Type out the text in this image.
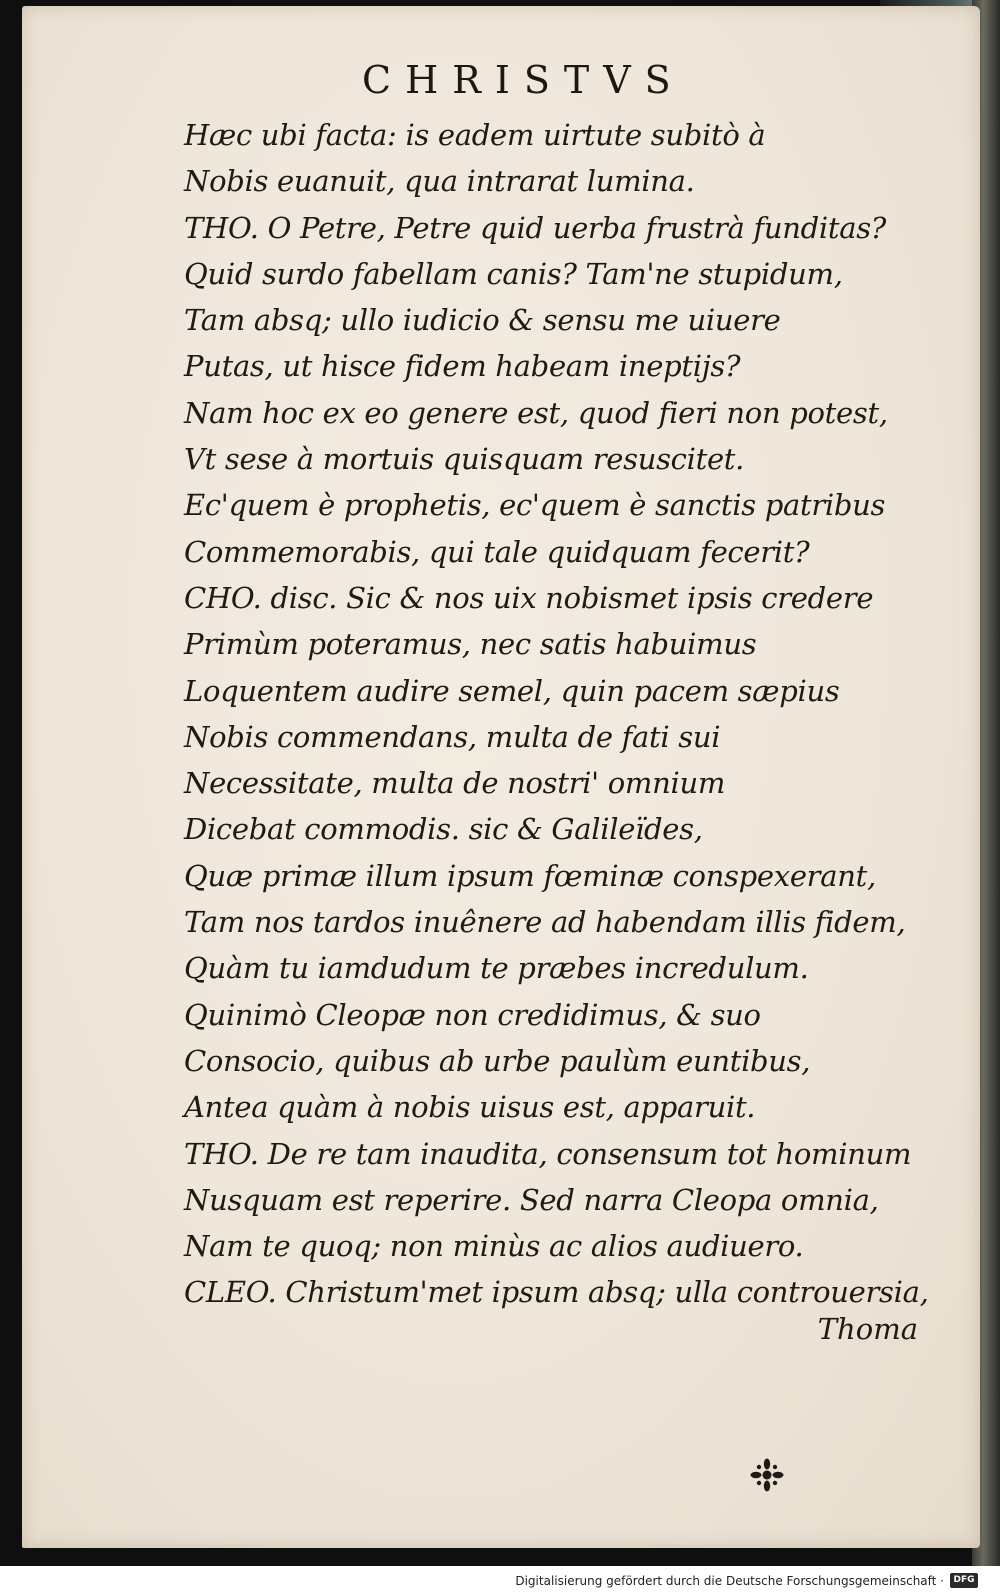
CHRISTVS
Hæc ubi facta: is eadem uirtute subitò à
Nobis euanuit, qua intrarat lumina.
THO. O Petre, Petre quid uerba frustrà funditas?
Quid surdo fabellam canis? Tam'ne stupidum,
Tam absq; ullo iudicio & sensu me uiuere
Putas, ut hisce fidem habeam ineptijs?
Nam hoc ex eo genere est, quod fieri non potest,
Vt sese à mortuis quisquam resuscitet.
Ec'quem è prophetis, ec'quem è sanctis patribus
Commemorabis, qui tale quidquam fecerit?
CHO. disc. Sic & nos uix nobismet ipsis credere
Primùm poteramus, nec satis habuimus
Loquentem audire semel, quin pacem sæpius
Nobis commendans, multa de fati sui
Necessitate, multa de nostri' omnium
Dicebat commodis. sic & Galileïdes,
Quæ primæ illum ipsum fœminæ conspexerant,
Tam nos tardos inuênere ad habendam illis fidem,
Quàm tu iamdudum te præbes incredulum.
Quinimò Cleopæ non credidimus, & suo
Consocio, quibus ab urbe paulùm euntibus,
Antea quàm à nobis uisus est, apparuit.
THO. De re tam inaudita, consensum tot hominum
Nusquam est reperire. Sed narra Cleopa omnia,
Nam te quoq; non minùs ac alios audiuero.
CLEO. Christum'met ipsum absq; ulla controuersia,
Thoma
Digitalisierung gefördert durch die Deutsche Forschungsgemeinschaft ·	DFG
